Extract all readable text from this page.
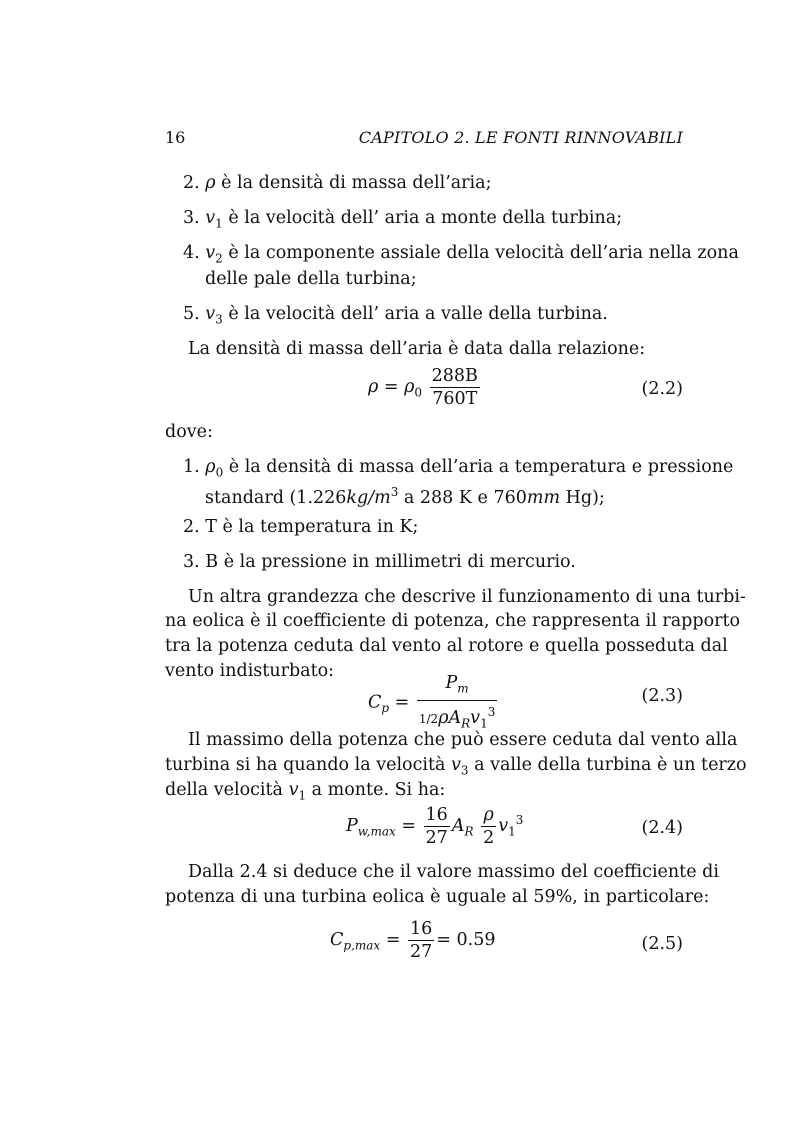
16	CAPITOLO 2. LE FONTI RINNOVABILI
2. ρ è la densità di massa dell’aria;
3. $v_1$ è la velocità dell’ aria a monte della turbina;
4. $v_2$ è la componente assiale della velocità dell’aria nella zona
delle pale della turbina;
5. $v_3$ è la velocità dell’ aria a valle della turbina.
La densità di massa dell’aria è data dalla relazione:
$\rho = \rho_0 \frac{288B}{760T}$	(2.2)
dove:
1. $\rho_0$ è la densità di massa dell’aria a temperatura e pressione
standard ($1.226kg/m^3$ a 288 K e 760mm Hg);
2. T è la temperatura in K;
3. B è la pressione in millimetri di mercurio.
Un altra grandezza che descrive il funzionamento di una turbi-
na eolica è il coefficiente di potenza, che rappresenta il rapporto
tra la potenza ceduta dal vento al rotore e quella posseduta dal
vento indisturbato:
$C_p = \frac{P_m}{1/2\rho A_Rv_1^3}$	(2.3)
Il massimo della potenza che può essere ceduta dal vento alla
turbina si ha quando la velocità $v_3$ a valle della turbina è un terzo
della velocità $v_1$ a monte. Si ha:
$P_{w,max} = \frac{16}{27} A_R \frac{\rho}{2} v_1^3$	(2.4)
Dalla 2.4 si deduce che il valore massimo del coefficiente di
potenza di una turbina eolica è uguale al 59%, in particolare:
$C_{p,max} = \frac{16}{27} = 0.59$	(2.5)
